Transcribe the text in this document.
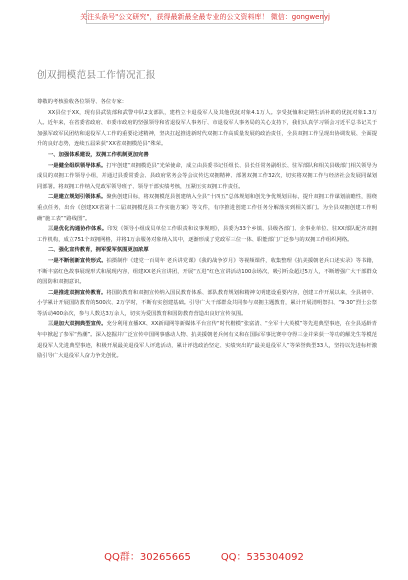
关注头条号"公文研究"，获得最新最全最专业的公文资料库！ 微信：gongwenyj
创双拥模范县工作情况汇报

尊敬的考核验收各位领导、各位专家：

XX县位于XX，现有县武装部和武警中队2支部队，建档立卡退役军人及其他优抚对象4.1万人。享受抚恤和定期生活补助的优抚对象1.3万人。近年来，在省委省政府、市委市政府的坚强领导和省退役军人事务厅、市退役军人事务局的关心支持下，我们认真学习领会习近平总书记关于加强军政军民团结和退役军人工作的重要论述精神，坚决扛起推进新时代双拥工作高质量发展的政治责任，全县双拥工作呈现出协调发展、全面提升的良好态势，连续五届荣获“XX省双拥模范县”殊荣。

一、加强体系建设，双拥工作机制更加完善

一是健全组织领导体系。打牢创建“双拥模范县”光荣使命，成立由县委书记任组长、县长任常务副组长、驻军部队和相关县级部门相关领导为成员的双拥工作领导小组，并通过县委常委会、县政府常务会等会议传达双拥精神、部署双拥工作32次，切实将双拥工作与经济社会发展同谋划同部署。将双拥工作纳入党政军领导班子、领导干部实绩考核，压紧压实双拥工作责任。

二是建立规划引领体系。聚焦创建目标，将双拥模范县创建纳入全县“十四五”总体规划和创先争优规划目标，提升双拥工作谋划前瞻性，围绕重点任务，出台《创建XX省第十二届双拥模范县工作实施方案》等文件，有序推进创建工作任务分解落实到相关部门。为全县双拥创建工作明确“施工表”“路线图”。

三是优化沟通协作体系。印发《领导小组成员单位工作职责和议事规则》，县委为33个乡镇、县级各部门、企事业单位、驻XX部队配齐双拥工作机构，成立751个双拥网格，并将1万余服务对象纳入其中，逐渐形成了党政军三位一体、职能部门广泛参与的双拥工作组织网络。

二、强化宣传教育，拥军爱军氛围更加浓厚

一是不断创新宣传形式。拍摄制作《建党一百周年 老兵讲党课》《我的战争岁月》等视频课件，收集整理《抗美援朝老兵口述实录》等书籍，不断丰富红色故事展现形式和展现内容，组建XX老兵宣讲团，开展“五进”红色宣讲活动100余场次，吸引听众超过5万人，不断增强广大干部群众的国防和双拥意识。

二是推进双拥宣传教育。将国防教育和双拥宣传纳入国民教育体系、部队教育规划和精神文明建设重要内容，创建工作开展以来，全县初中、小学累计开展国防教育的500次、2万学时，不断有实创建基础。引导广大干部群众共同参与双拥主题教育，累计开展清明祭扫、“9·30”烈士公祭等活动400余次，参与人数达3万余人，切实为爱国教育和国防教育营造出良好宣传氛围。

三是加大双拥典型宣传。充分利用直播XX、XX新闻网等新媒体平台宣传“时代楷模”张富清、“全军十大英模”等先进典型事迹，在全县适龄青年中掀起了参军“热潮”。深入挖掘并广泛宣传中国网事感动人物、抗美援朝老兵何有义和在国际军事比赛中夺得三金并荣获一等功的解先生等模范退役军人先进典型事迹，积极开展最美退役军人评选活动，累计评选政治坚定、实绩突出的“最美退役军人”等荣誉典型33人，坚持以先进标杆激励引导广大退役军人奋力争先创优。

QQ群：30265665	QQ：535304092
